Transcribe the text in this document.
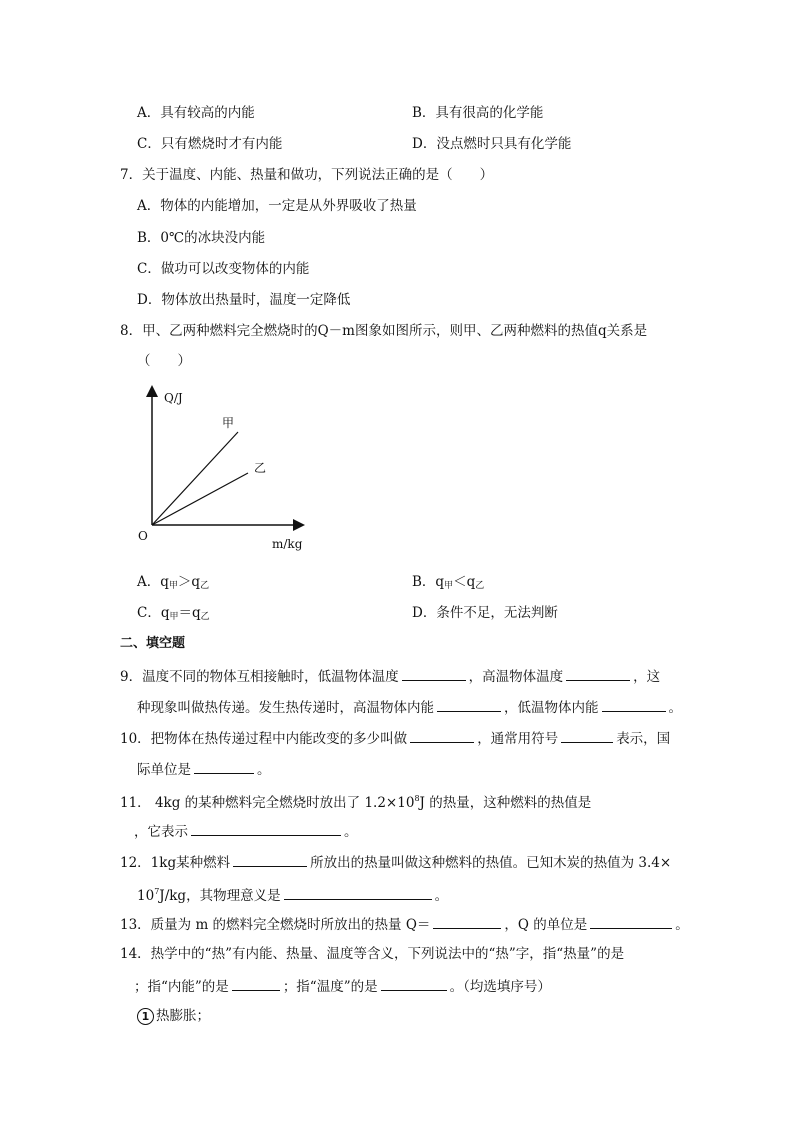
A．具有较高的内能	B．具有很高的化学能
C．只有燃烧时才有内能	D．没点燃时只具有化学能
7．关于温度、内能、热量和做功，下列说法正确的是（　　）
A．物体的内能增加，一定是从外界吸收了热量
B．0℃的冰块没内能
C．做功可以改变物体的内能
D．物体放出热量时，温度一定降低
8．甲、乙两种燃料完全燃烧时的Q－m图象如图所示，则甲、乙两种燃料的热值q关系是
（　　）
Q/J
m/kg
O
甲
乙
A．$q_甲>q_乙$	B．$q_甲<q_乙$
C．$q_甲=q_乙$	D．条件不足，无法判断
二、填空题
9．温度不同的物体互相接触时，低温物体温度	，高温物体温度	，这
种现象叫做热传递。发生热传递时，高温物体内能	，低温物体内能	。
10．把物体在热传递过程中内能改变的多少叫做	，通常用符号	表示，国
际单位是	。
11． 4kg 的某种燃料完全燃烧时放出了 $1.2\times 10^8J$ 的热量，这种燃料的热值是
，它表示	。
12．1kg某种燃料	所放出的热量叫做这种燃料的热值。已知木炭的热值为 3.4×
$10^7J/kg$，其物理意义是	。
13．质量为 m 的燃料完全燃烧时所放出的热量 Q＝	，Q 的单位是	。
14．热学中的“热”有内能、热量、温度等含义，下列说法中的“热”字，指“热量”的是
；指“内能”的是	；指“温度”的是	。（均选填序号）
1 热膨胀；
